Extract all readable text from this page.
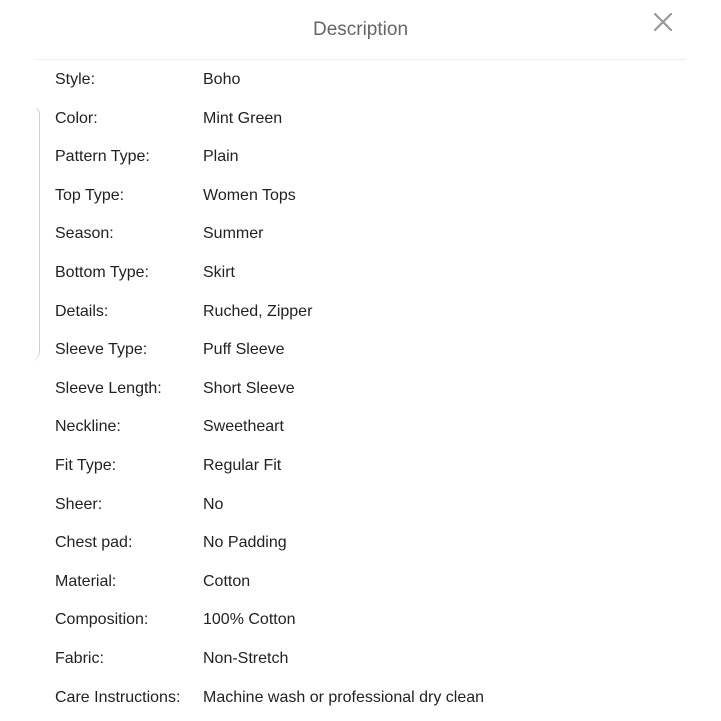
Description
Style:	Boho
Color:	Mint Green
Pattern Type:	Plain
Top Type:	Women Tops
Season:	Summer
Bottom Type:	Skirt
Details:	Ruched, Zipper
Sleeve Type:	Puff Sleeve
Sleeve Length:	Short Sleeve
Neckline:	Sweetheart
Fit Type:	Regular Fit
Sheer:	No
Chest pad:	No Padding
Material:	Cotton
Composition:	100% Cotton
Fabric:	Non-Stretch
Care Instructions: Machine wash or professional dry clean
